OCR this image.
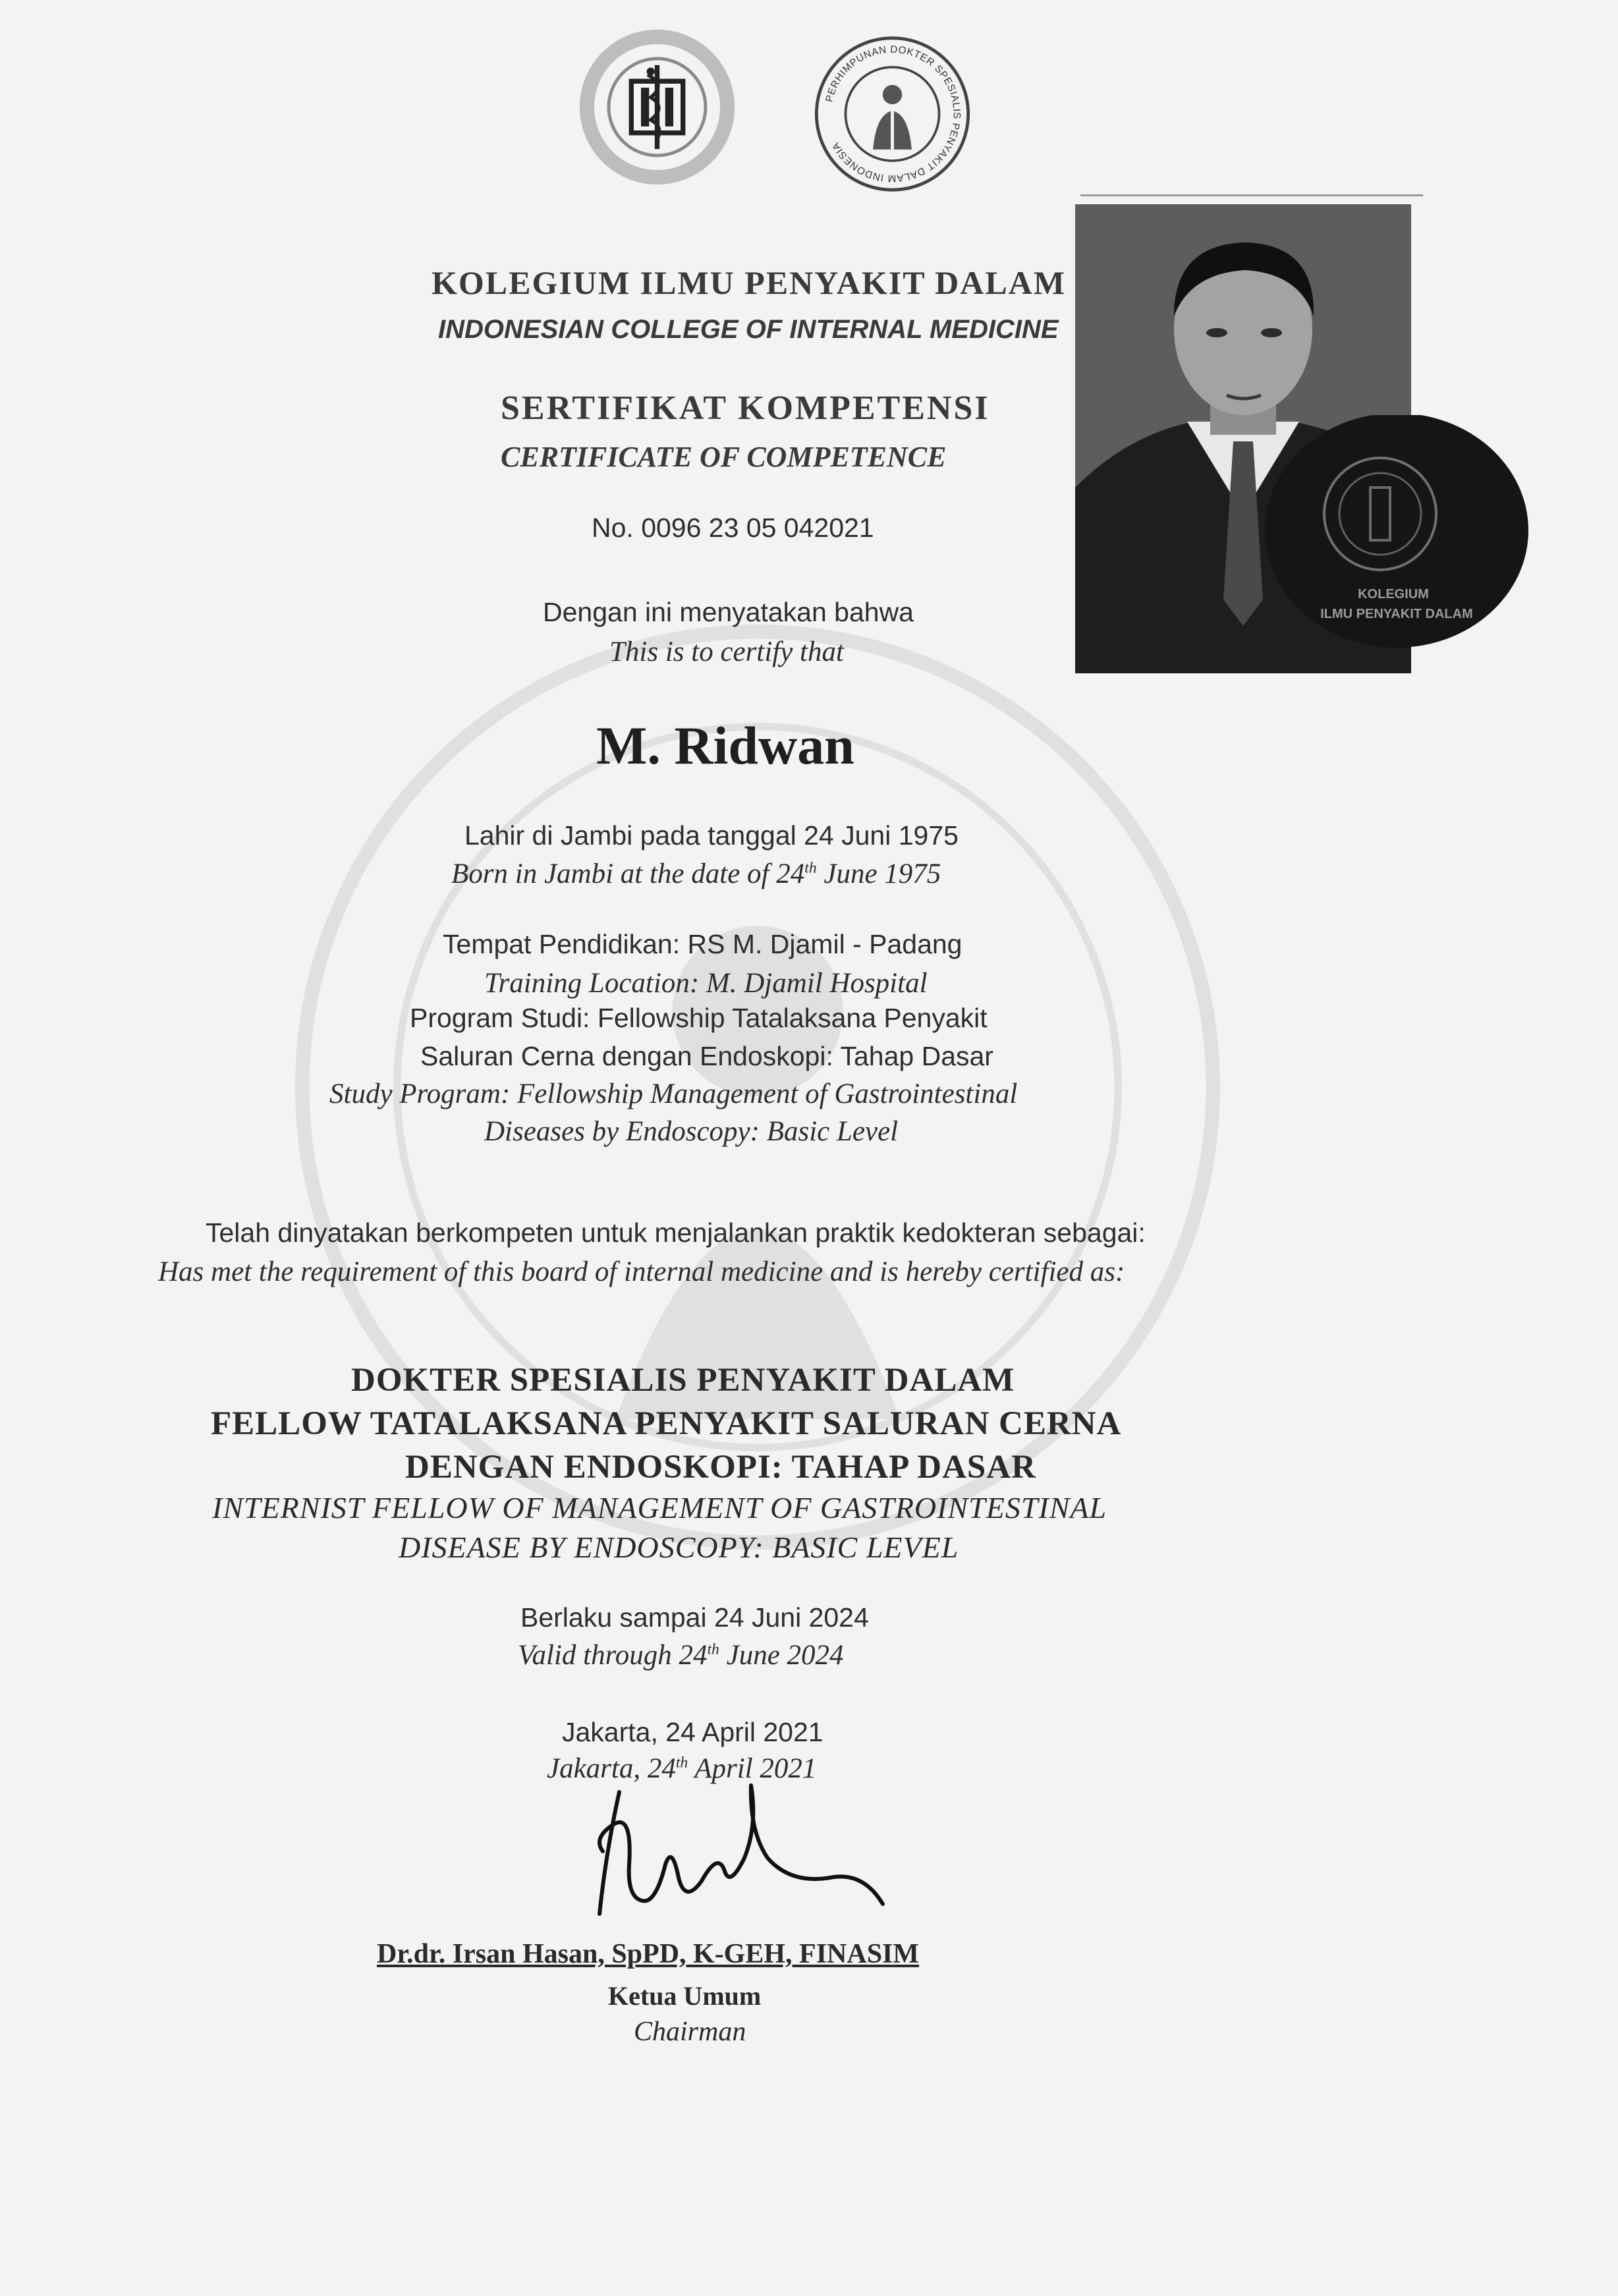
PERHIMPUNAN DOKTER SPESIALIS PENYAKIT DALAM INDONESIA
KOLEGIUM
ILMU PENYAKIT DALAM
KOLEGIUM ILMU PENYAKIT DALAM
INDONESIAN COLLEGE OF INTERNAL MEDICINE
SERTIFIKAT KOMPETENSI
CERTIFICATE OF COMPETENCE
No. 0096 23 05 042021
Dengan ini menyatakan bahwa
This is to certify that
M. Ridwan
Lahir di Jambi pada tanggal 24 Juni 1975
Born in Jambi at the date of 24th June 1975
Tempat Pendidikan: RS M. Djamil - Padang
Training Location: M. Djamil Hospital
Program Studi: Fellowship Tatalaksana Penyakit
Saluran Cerna dengan Endoskopi: Tahap Dasar
Study Program: Fellowship Management of Gastrointestinal
Diseases by Endoscopy: Basic Level
Telah dinyatakan berkompeten untuk menjalankan praktik kedokteran sebagai:
Has met the requirement of this board of internal medicine and is hereby certified as:
DOKTER SPESIALIS PENYAKIT DALAM
FELLOW TATALAKSANA PENYAKIT SALURAN CERNA
DENGAN ENDOSKOPI: TAHAP DASAR
INTERNIST FELLOW OF MANAGEMENT OF GASTROINTESTINAL
DISEASE BY ENDOSCOPY: BASIC LEVEL
Berlaku sampai 24 Juni 2024
Valid through 24th June 2024
Jakarta, 24 April 2021
Jakarta, 24th April 2021
Dr.dr. Irsan Hasan, SpPD, K-GEH, FINASIM
Ketua Umum
Chairman
